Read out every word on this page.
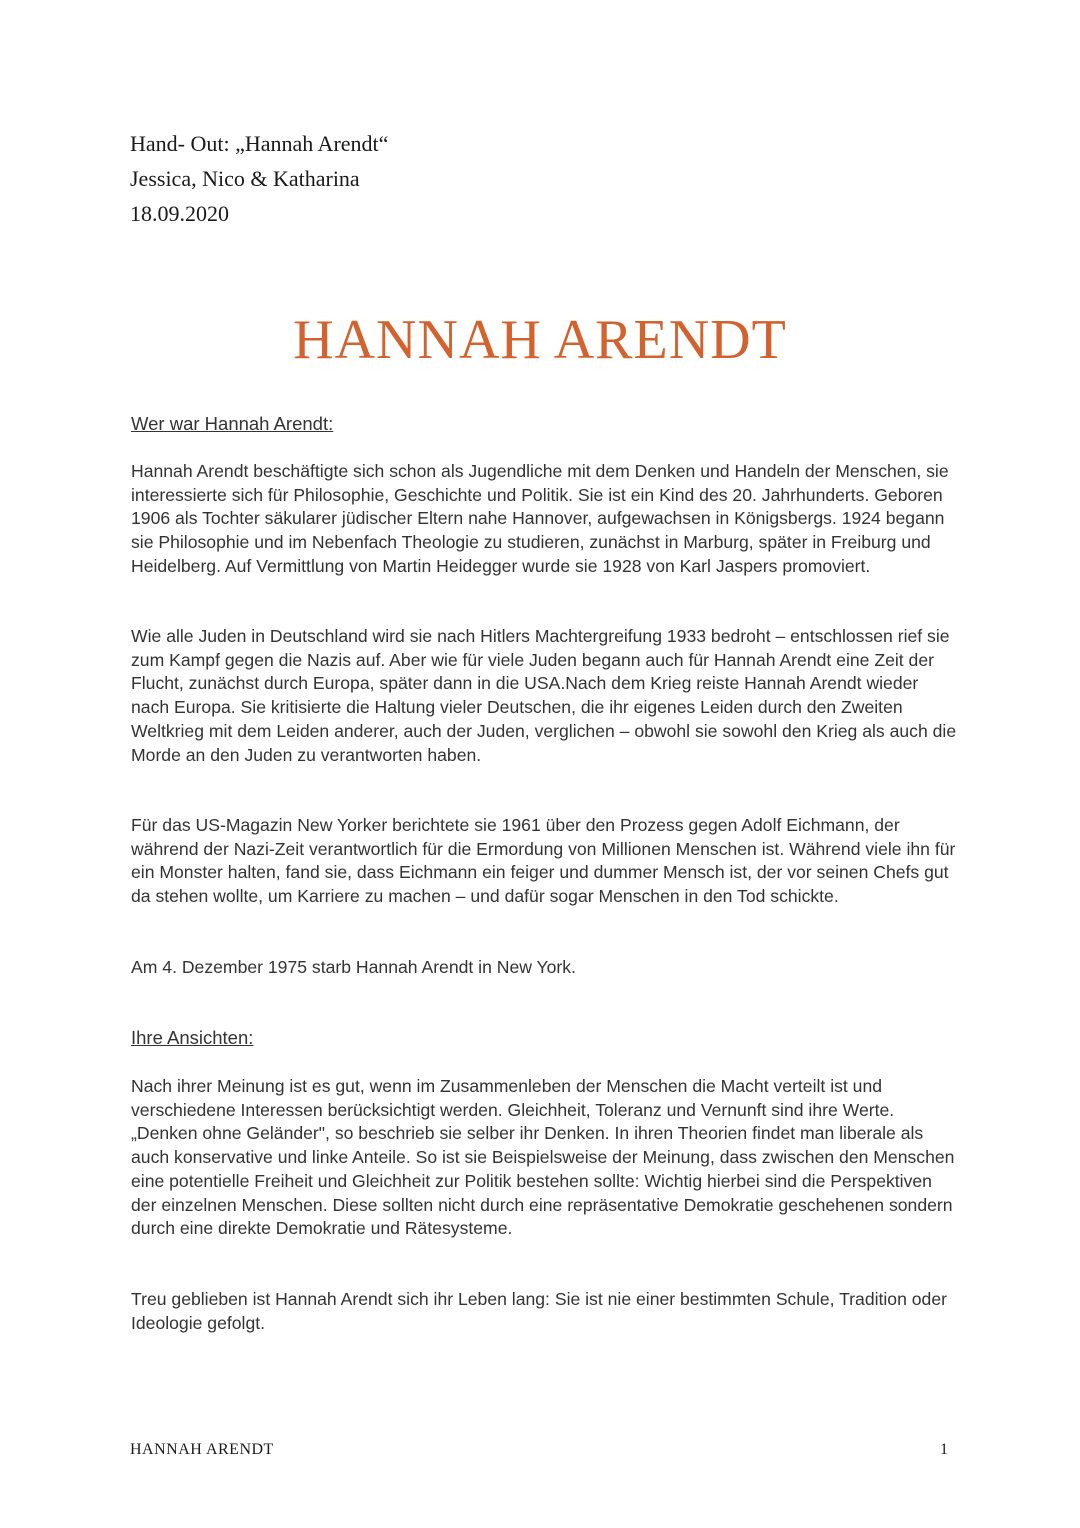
Hand- Out: „Hannah Arendt“
Jessica, Nico & Katharina
18.09.2020
HANNAH ARENDT
Wer war Hannah Arendt:

Hannah Arendt beschäftigte sich schon als Jugendliche mit dem Denken und Handeln der Menschen, sie interessierte sich für Philosophie, Geschichte und Politik. Sie ist ein Kind des 20. Jahrhunderts. Geboren 1906 als Tochter säkularer jüdischer Eltern nahe Hannover, aufgewachsen in Königsbergs. 1924 begann sie Philosophie und im Nebenfach Theologie zu studieren, zunächst in Marburg, später in Freiburg und Heidelberg. Auf Vermittlung von Martin Heidegger wurde sie 1928 von Karl Jaspers promoviert.

Wie alle Juden in Deutschland wird sie nach Hitlers Machtergreifung 1933 bedroht – entschlossen rief sie zum Kampf gegen die Nazis auf. Aber wie für viele Juden begann auch für Hannah Arendt eine Zeit der Flucht, zunächst durch Europa, später dann in die USA.Nach dem Krieg reiste Hannah Arendt wieder nach Europa. Sie kritisierte die Haltung vieler Deutschen, die ihr eigenes Leiden durch den Zweiten Weltkrieg mit dem Leiden anderer, auch der Juden, verglichen – obwohl sie sowohl den Krieg als auch die Morde an den Juden zu verantworten haben.

Für das US-Magazin New Yorker berichtete sie 1961 über den Prozess gegen Adolf Eichmann, der während der Nazi-Zeit verantwortlich für die Ermordung von Millionen Menschen ist. Während viele ihn für ein Monster halten, fand sie, dass Eichmann ein feiger und dummer Mensch ist, der vor seinen Chefs gut da stehen wollte, um Karriere zu machen – und dafür sogar Menschen in den Tod schickte.

Am 4. Dezember 1975 starb Hannah Arendt in New York.

Ihre Ansichten:

Nach ihrer Meinung ist es gut, wenn im Zusammenleben der Menschen die Macht verteilt ist und verschiedene Interessen berücksichtigt werden. Gleichheit, Toleranz und Vernunft sind ihre Werte. „Denken ohne Geländer", so beschrieb sie selber ihr Denken. In ihren Theorien findet man liberale als auch konservative und linke Anteile. So ist sie Beispielsweise der Meinung, dass zwischen den Menschen eine potentielle Freiheit und Gleichheit zur Politik bestehen sollte: Wichtig hierbei sind die Perspektiven der einzelnen Menschen. Diese sollten nicht durch eine repräsentative Demokratie geschehenen sondern durch eine direkte Demokratie und Rätesysteme.

Treu geblieben ist Hannah Arendt sich ihr Leben lang: Sie ist nie einer bestimmten Schule, Tradition oder Ideologie gefolgt.

HANNAH ARENDT	1
